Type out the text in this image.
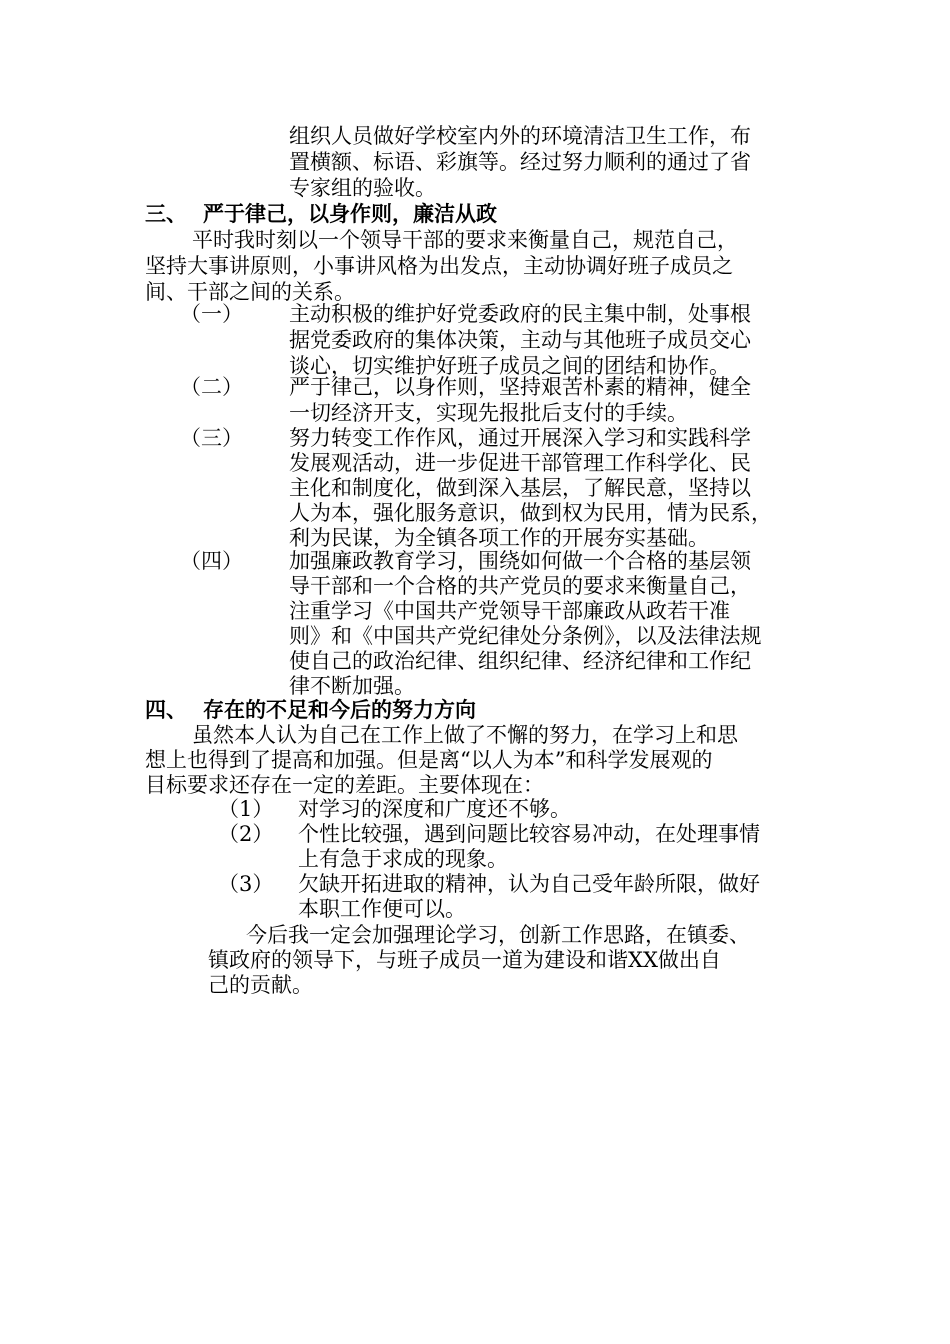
组织人员做好学校室内外的环境清洁卫生工作，布
置横额、标语、彩旗等。经过努力顺利的通过了省
专家组的验收。
三、 严于律己，以身作则，廉洁从政
平时我时刻以一个领导干部的要求来衡量自己，规范自己，
坚持大事讲原则，小事讲风格为出发点，主动协调好班子成员之
间、干部之间的关系。
（一） 主动积极的维护好党委政府的民主集中制，处事根
据党委政府的集体决策，主动与其他班子成员交心
谈心，切实维护好班子成员之间的团结和协作。
（二） 严于律己，以身作则，坚持艰苦朴素的精神，健全
一切经济开支，实现先报批后支付的手续。
（三） 努力转变工作作风，通过开展深入学习和实践科学
发展观活动，进一步促进干部管理工作科学化、民
主化和制度化，做到深入基层，了解民意，坚持以
人为本，强化服务意识，做到权为民用，情为民系，
利为民谋，为全镇各项工作的开展夯实基础。
（四） 加强廉政教育学习，围绕如何做一个合格的基层领
导干部和一个合格的共产党员的要求来衡量自己，
注重学习《中国共产党领导干部廉政从政若干准
则》和《中国共产党纪律处分条例》，以及法律法规
使自己的政治纪律、组织纪律、经济纪律和工作纪
律不断加强。
四、 存在的不足和今后的努力方向
虽然本人认为自己在工作上做了不懈的努力，在学习上和思
想上也得到了提高和加强。但是离“以人为本”和科学发展观的
目标要求还存在一定的差距。主要体现在：
（1） 对学习的深度和广度还不够。
（2） 个性比较强，遇到问题比较容易冲动，在处理事情
上有急于求成的现象。
（3） 欠缺开拓进取的精神，认为自己受年龄所限，做好
本职工作便可以。
今后我一定会加强理论学习，创新工作思路，在镇委、
镇政府的领导下，与班子成员一道为建设和谐XX做出自
己的贡献。
